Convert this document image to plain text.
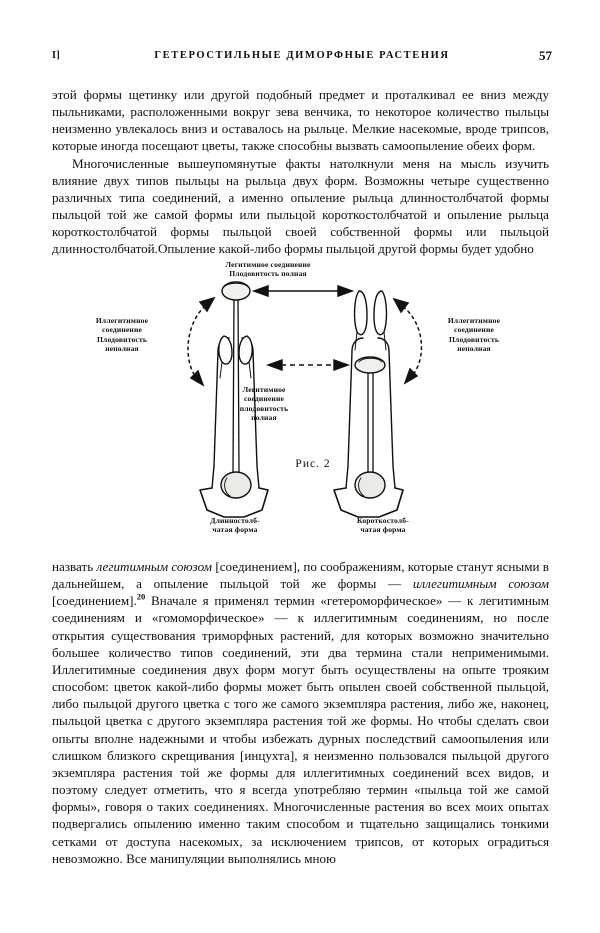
I]	ГЕТЕРОСТИЛЬНЫЕ ДИМОРФНЫЕ РАСТЕНИЯ	57

этой формы щетинку или другой подобный предмет и проталкивал ее вниз между пыльниками, расположенными вокруг зева венчика, то некоторое количество пыльцы неизменно увлекалось вниз и оставалось на рыльце. Мелкие насекомые, вроде трипсов, которые иногда посещают цветы, также способны вызвать самоопыление обеих форм.

Многочисленные вышеупомянутые факты натолкнули меня на мысль изучить влияние двух типов пыльцы на рыльца двух форм. Возможны четыре существенно различных типа соединений, а именно опыление рыльца длинностолбчатой формы пыльцой той же самой формы или пыльцой короткостолбчатой и опыление рыльца короткостолбчатой формы пыльцой своей собственной формы или пыльцой длинностолбчатой.Опыление какой-либо формы пыльцой другой формы будет удобно

Легитимное соединение
Плодовитость полная
Иллегитимное
соединение
Плодовитость
неполная
Иллегитимное
соединение
Плодовитость
неполная
Легитимное
соединение
плодовитость
полная
Длинностолб-
чатая форма
Короткостолб-
чатая форма
Рис. 2

назвать легитимным союзом [соединением], по соображениям, которые станут ясными в дальнейшем, а опыление пыльцой той же формы — иллегитимным союзом [соединением].$^{20}$ Вначале я применял термин «гетероморфическое» — к легитимным соединениям и «гомоморфическое» — к иллегитимным соединениям, но после открытия существования триморфных растений, для которых возможно значительно большее количество типов соединений, эти два термина стали неприменимыми. Иллегитимные соединения двух форм могут быть осуществлены на опыте трояким способом: цветок какой-либо формы может быть опылен своей собственной пыльцой, либо пыльцой другого цветка с того же самого экземпляра растения, либо же, наконец, пыльцой цветка с другого экземпляра растения той же формы. Но чтобы сделать свои опыты вполне надежными и чтобы избежать дурных последствий самоопыления или слишком близкого скрещивания [инцухта], я неизменно пользовался пыльцой другого экземпляра растения той же формы для иллегитимных соединений всех видов, и поэтому следует отметить, что я всегда употребляю термин «пыльца той же самой формы», говоря о таких соединениях. Многочисленные растения во всех моих опытах подвергались опылению именно таким способом и тщательно защищались тонкими сетками от доступа насекомых, за исключением трипсов, от которых оградиться невозможно. Все манипуляции выполнялись мною
